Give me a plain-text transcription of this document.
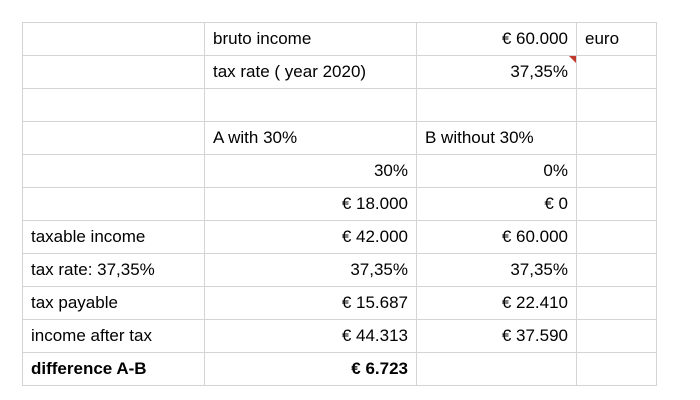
	bruto income	€ 60.000	euro
	tax rate ( year 2020)	37,35%	

	A with 30%	B without 30%	
	30%	0%	
	€ 18.000	€ 0	
taxable income	€ 42.000	€ 60.000	
tax rate: 37,35%	37,35%	37,35%	
tax payable	€ 15.687	€ 22.410	
income after tax	€ 44.313	€ 37.590	
difference A-B	€ 6.723		
